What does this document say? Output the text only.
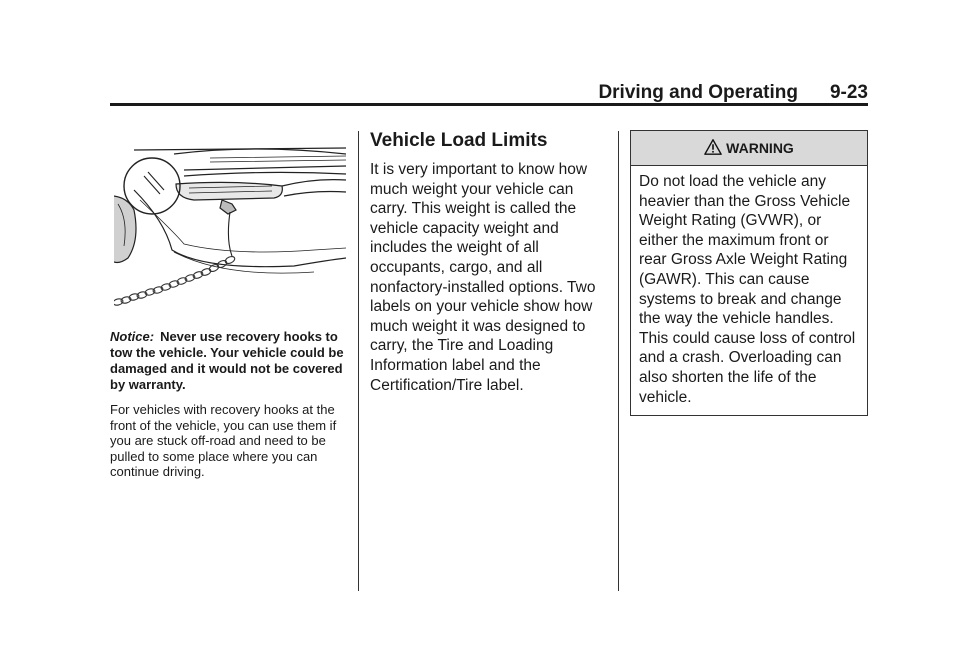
Driving and Operating 9-23

Notice: Never use recovery hooks to tow the vehicle. Your vehicle could be damaged and it would not be covered by warranty.

For vehicles with recovery hooks at the front of the vehicle, you can use them if you are stuck off-road and need to be pulled to some place where you can continue driving.

Vehicle Load Limits

It is very important to know how much weight your vehicle can carry. This weight is called the vehicle capacity weight and includes the weight of all occupants, cargo, and all nonfactory-installed options. Two labels on your vehicle show how much weight it was designed to carry, the Tire and Loading Information label and the Certification/Tire label.

WARNING

Do not load the vehicle any heavier than the Gross Vehicle Weight Rating (GVWR), or either the maximum front or rear Gross Axle Weight Rating (GAWR). This can cause systems to break and change the way the vehicle handles. This could cause loss of control and a crash. Overloading can also shorten the life of the vehicle.
